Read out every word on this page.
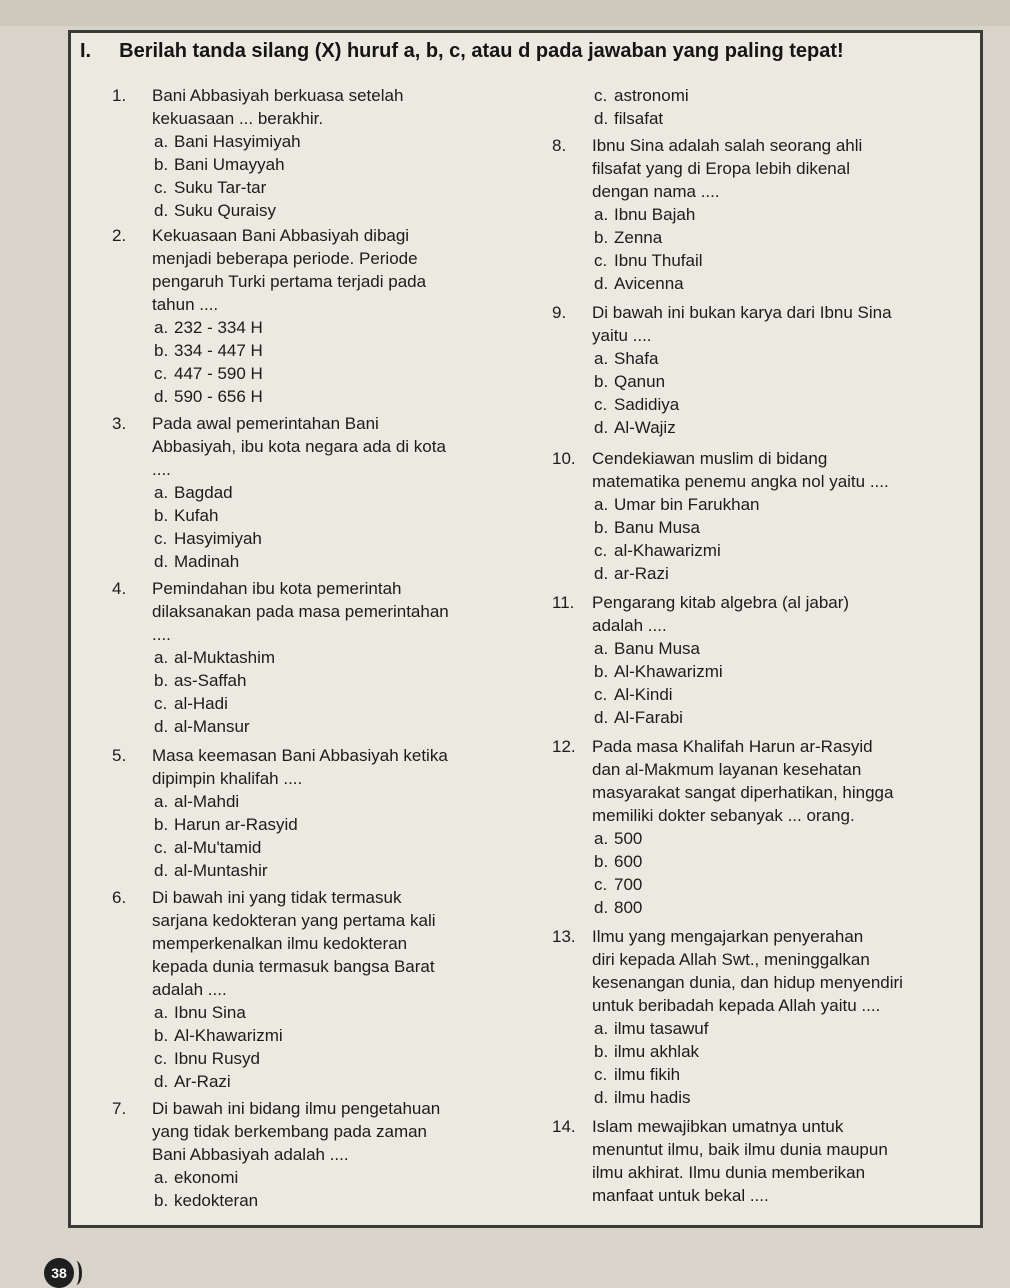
I. Berilah tanda silang (X) huruf a, b, c, atau d pada jawaban yang paling tepat!
1. Bani Abbasiyah berkuasa setelah
kekuasaan ... berakhir.
a. Bani Hasyimiyah
b. Bani Umayyah
c. Suku Tar-tar
d. Suku Quraisy
2. Kekuasaan Bani Abbasiyah dibagi
menjadi beberapa periode. Periode
pengaruh Turki pertama terjadi pada
tahun ....
a. 232 - 334 H
b. 334 - 447 H
c. 447 - 590 H
d. 590 - 656 H
3. Pada awal pemerintahan Bani
Abbasiyah, ibu kota negara ada di kota
....
a. Bagdad
b. Kufah
c. Hasyimiyah
d. Madinah
4. Pemindahan ibu kota pemerintah
dilaksanakan pada masa pemerintahan
....
a. al-Muktashim
b. as-Saffah
c. al-Hadi
d. al-Mansur
5. Masa keemasan Bani Abbasiyah ketika
dipimpin khalifah ....
a. al-Mahdi
b. Harun ar-Rasyid
c. al-Mu'tamid
d. al-Muntashir
6. Di bawah ini yang tidak termasuk
sarjana kedokteran yang pertama kali
memperkenalkan ilmu kedokteran
kepada dunia termasuk bangsa Barat
adalah ....
a. Ibnu Sina
b. Al-Khawarizmi
c. Ibnu Rusyd
d. Ar-Razi
7. Di bawah ini bidang ilmu pengetahuan
yang tidak berkembang pada zaman
Bani Abbasiyah adalah ....
a. ekonomi
b. kedokteran
c. astronomi
d. filsafat
8. Ibnu Sina adalah salah seorang ahli
filsafat yang di Eropa lebih dikenal
dengan nama ....
a. Ibnu Bajah
b. Zenna
c. Ibnu Thufail
d. Avicenna
9. Di bawah ini bukan karya dari Ibnu Sina
yaitu ....
a. Shafa
b. Qanun
c. Sadidiya
d. Al-Wajiz
10. Cendekiawan muslim di bidang
matematika penemu angka nol yaitu ....
a. Umar bin Farukhan
b. Banu Musa
c. al-Khawarizmi
d. ar-Razi
11. Pengarang kitab algebra (al jabar)
adalah ....
a. Banu Musa
b. Al-Khawarizmi
c. Al-Kindi
d. Al-Farabi
12. Pada masa Khalifah Harun ar-Rasyid
dan al-Makmum layanan kesehatan
masyarakat sangat diperhatikan, hingga
memiliki dokter sebanyak ... orang.
a. 500
b. 600
c. 700
d. 800
13. Ilmu yang mengajarkan penyerahan
diri kepada Allah Swt., meninggalkan
kesenangan dunia, dan hidup menyendiri
untuk beribadah kepada Allah yaitu ....
a. ilmu tasawuf
b. ilmu akhlak
c. ilmu fikih
d. ilmu hadis
14. Islam mewajibkan umatnya untuk
menuntut ilmu, baik ilmu dunia maupun
ilmu akhirat. Ilmu dunia memberikan
manfaat untuk bekal ....
38
